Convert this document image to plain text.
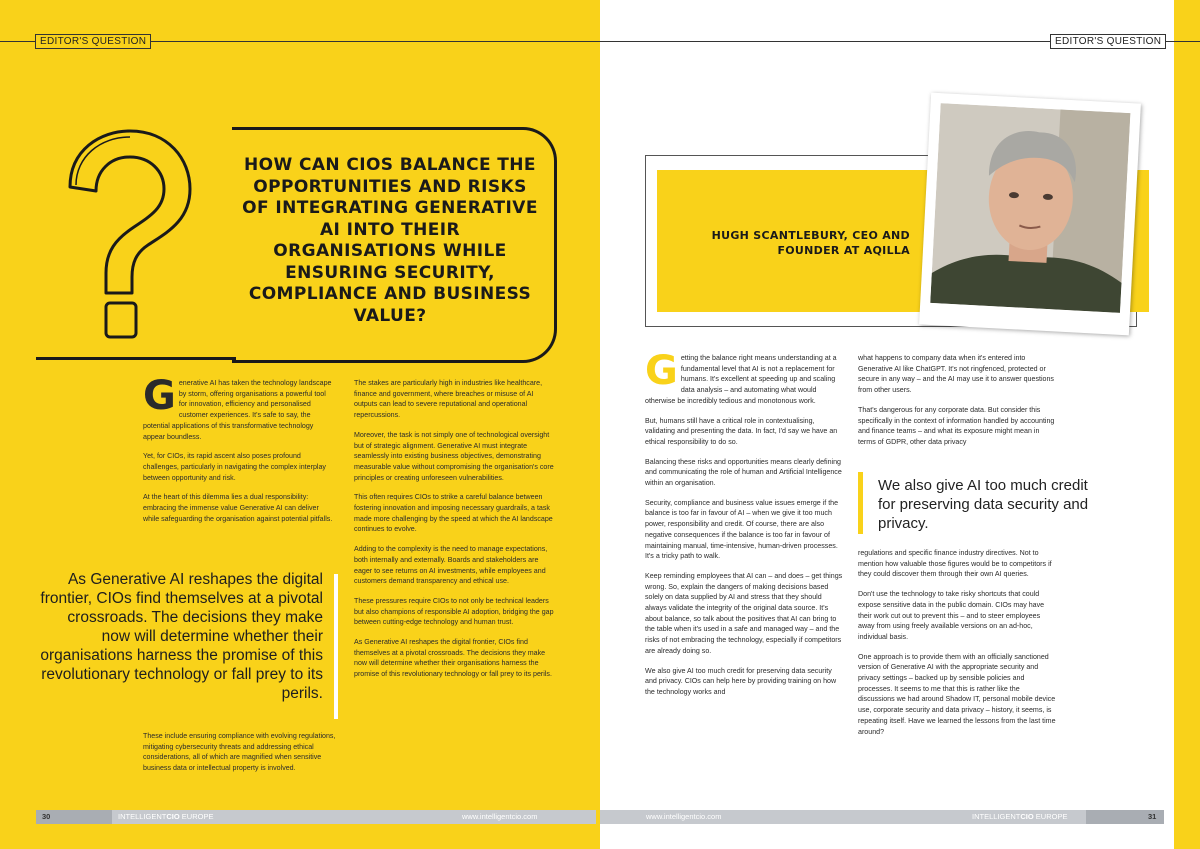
EDITOR'S QUESTION	EDITOR'S QUESTION
HOW CAN CIOS BALANCE THE OPPORTUNITIES AND RISKS OF INTEGRATING GENERATIVE AI INTO THEIR ORGANISATIONS WHILE ENSURING SECURITY, COMPLIANCE AND BUSINESS VALUE?

Generative AI has taken the technology landscape by storm, offering organisations a powerful tool for innovation, efficiency and personalised customer experiences. It's safe to say, the potential applications of this transformative technology appear boundless.

Yet, for CIOs, its rapid ascent also poses profound challenges, particularly in navigating the complex interplay between opportunity and risk.

At the heart of this dilemma lies a dual responsibility: embracing the immense value Generative AI can deliver while safeguarding the organisation against potential pitfalls.

As Generative AI reshapes the digital frontier, CIOs find themselves at a pivotal crossroads. The decisions they make now will determine whether their organisations harness the promise of this revolutionary technology or fall prey to its perils.
These include ensuring compliance with evolving regulations, mitigating cybersecurity threats and addressing ethical considerations, all of which are magnified when sensitive business data or intellectual property is involved.

The stakes are particularly high in industries like healthcare, finance and government, where breaches or misuse of AI outputs can lead to severe reputational and operational repercussions.

Moreover, the task is not simply one of technological oversight but of strategic alignment. Generative AI must integrate seamlessly into existing business objectives, demonstrating measurable value without compromising the organisation's core principles or creating unforeseen vulnerabilities.

This often requires CIOs to strike a careful balance between fostering innovation and imposing necessary guardrails, a task made more challenging by the speed at which the AI landscape continues to evolve.

Adding to the complexity is the need to manage expectations, both internally and externally. Boards and stakeholders are eager to see returns on AI investments, while employees and customers demand transparency and ethical use.

These pressures require CIOs to not only be technical leaders but also champions of responsible AI adoption, bridging the gap between cutting-edge technology and human trust.

As Generative AI reshapes the digital frontier, CIOs find themselves at a pivotal crossroads. The decisions they make now will determine whether their organisations harness the promise of this revolutionary technology or fall prey to its perils.

HUGH SCANTLEBURY, CEO AND FOUNDER AT AQILLA

Getting the balance right means understanding at a fundamental level that AI is not a replacement for humans. It's excellent at speeding up and scaling data analysis – and automating what would otherwise be incredibly tedious and monotonous work.

But, humans still have a critical role in contextualising, validating and presenting the data. In fact, I'd say we have an ethical responsibility to do so.

Balancing these risks and opportunities means clearly defining and communicating the role of human and Artificial Intelligence within an organisation.

Security, compliance and business value issues emerge if the balance is too far in favour of AI – when we give it too much power, responsibility and credit. Of course, there are also negative consequences if the balance is too far in favour of maintaining manual, time-intensive, human-driven processes. It's a tricky path to walk.

Keep reminding employees that AI can – and does – get things wrong. So, explain the dangers of making decisions based solely on data supplied by AI and stress that they should always validate the integrity of the original data source. It's about balance, so talk about the positives that AI can bring to the table when it's used in a safe and managed way – and the risks of not embracing the technology, especially if competitors are already doing so.

We also give AI too much credit for preserving data security and privacy. CIOs can help here by providing training on how the technology works and

what happens to company data when it's entered into Generative AI like ChatGPT. It's not ringfenced, protected or secure in any way – and the AI may use it to answer questions from other users.

That's dangerous for any corporate data. But consider this specifically in the context of information handled by accounting and finance teams – and what its exposure might mean in terms of GDPR, other data privacy

We also give AI too much credit for preserving data security and privacy.

regulations and specific finance industry directives. Not to mention how valuable those figures would be to competitors if they could discover them through their own AI queries.

Don't use the technology to take risky shortcuts that could expose sensitive data in the public domain. CIOs may have their work cut out to prevent this – and to steer employees away from using freely available versions on an ad-hoc, individual basis.

One approach is to provide them with an officially sanctioned version of Generative AI with the appropriate security and privacy settings – backed up by sensible policies and processes. It seems to me that this is rather like the discussions we had around Shadow IT, personal mobile device use, corporate security and data privacy – history, it seems, is repeating itself. Have we learned the lessons from the last time around?

30	INTELLIGENTCIO EUROPE	www.intelligentcio.com	www.intelligentcio.com	INTELLIGENTCIO EUROPE	31
